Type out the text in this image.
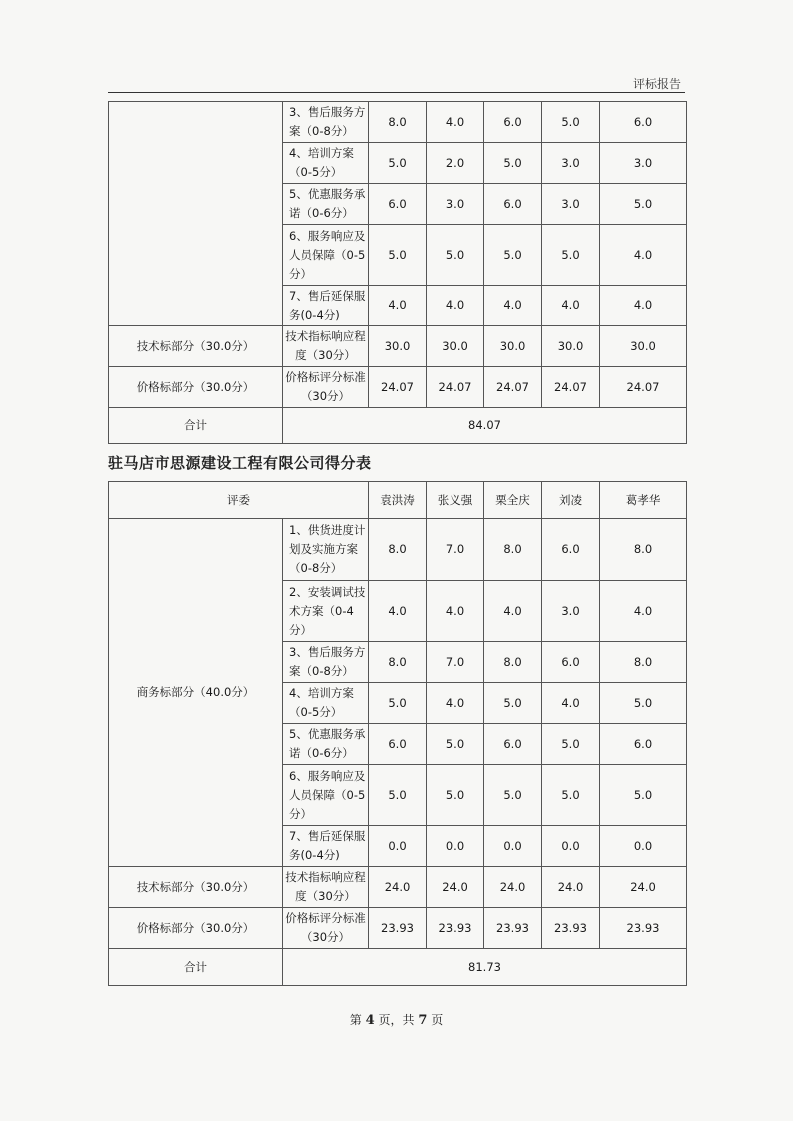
评标报告
	3、售后服务方案（0-8分）	8.0	4.0	6.0	5.0	6.0
	4、培训方案（0-5分）	5.0	2.0	5.0	3.0	3.0
	5、优惠服务承诺（0-6分）	6.0	3.0	6.0	3.0	5.0
	6、服务响应及人员保障（0-5分）	5.0	5.0	5.0	5.0	4.0
	7、售后延保服务(0-4分)	4.0	4.0	4.0	4.0	4.0
技术标部分（30.0分）	技术指标响应程度（30分）	30.0	30.0	30.0	30.0	30.0
价格标部分（30.0分）	价格标评分标准（30分）	24.07	24.07	24.07	24.07	24.07
合计	84.07					
驻马店市思源建设工程有限公司得分表
评委		袁洪涛	张义强	栗全庆	刘凌	葛孝华
商务标部分（40.0分）	1、供货进度计划及实施方案（0-8分）	8.0	7.0	8.0	6.0	8.0
	2、安装调试技术方案（0-4分）	4.0	4.0	4.0	3.0	4.0
	3、售后服务方案（0-8分）	8.0	7.0	8.0	6.0	8.0
	4、培训方案（0-5分）	5.0	4.0	5.0	4.0	5.0
	5、优惠服务承诺（0-6分）	6.0	5.0	6.0	5.0	6.0
	6、服务响应及人员保障（0-5分）	5.0	5.0	5.0	5.0	5.0
	7、售后延保服务(0-4分)	0.0	0.0	0.0	0.0	0.0
技术标部分（30.0分）	技术指标响应程度（30分）	24.0	24.0	24.0	24.0	24.0
价格标部分（30.0分）	价格标评分标准（30分）	23.93	23.93	23.93	23.93	23.93
合计	81.73					
第 4 页，共 7 页
